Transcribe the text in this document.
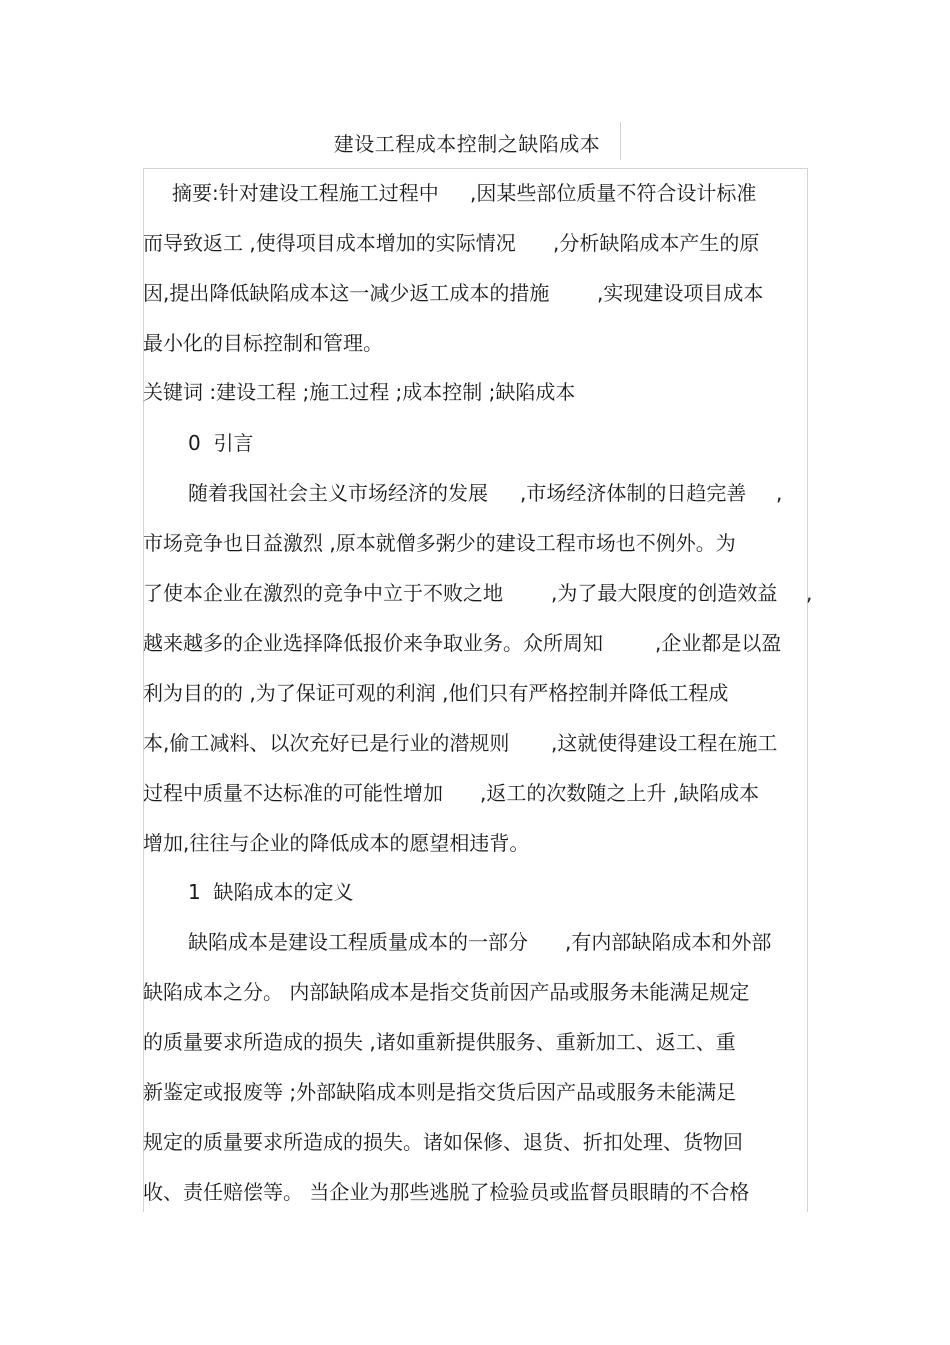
建设工程成本控制之缺陷成本
摘要:针对建设工程施工过程中 ,因某些部位质量不符合设计标准
而导致返工 ,使得项目成本增加的实际情况 ,分析缺陷成本产生的原
因,提出降低缺陷成本这一减少返工成本的措施 ,实现建设项目成本
最小化的目标控制和管理。
关键词 :建设工程 ;施工过程 ;成本控制 ;缺陷成本
0  引言
随着我国社会主义市场经济的发展 ,市场经济体制的日趋完善 ,
市场竞争也日益激烈 ,原本就僧多粥少的建设工程市场也不例外。为
了使本企业在激烈的竞争中立于不败之地 ,为了最大限度的创造效益 ,
越来越多的企业选择降低报价来争取业务。众所周知	,企业都是以盈
利为目的的 ,为了保证可观的利润 ,他们只有严格控制并降低工程成
本,偷工减料、以次充好已是行业的潜规则 ,这就使得建设工程在施工
过程中质量不达标准的可能性增加 ,返工的次数随之上升 ,缺陷成本
增加,往往与企业的降低成本的愿望相违背。
1  缺陷成本的定义
缺陷成本是建设工程质量成本的一部分 ,有内部缺陷成本和外部
缺陷成本之分。 内部缺陷成本是指交货前因产品或服务未能满足规定
的质量要求所造成的损失 ,诸如重新提供服务、重新加工、返工、重
新鉴定或报废等 ;外部缺陷成本则是指交货后因产品或服务未能满足
规定的质量要求所造成的损失。诸如保修、退货、折扣处理、货物回
收、责任赔偿等。 当企业为那些逃脱了检验员或监督员眼睛的不合格
